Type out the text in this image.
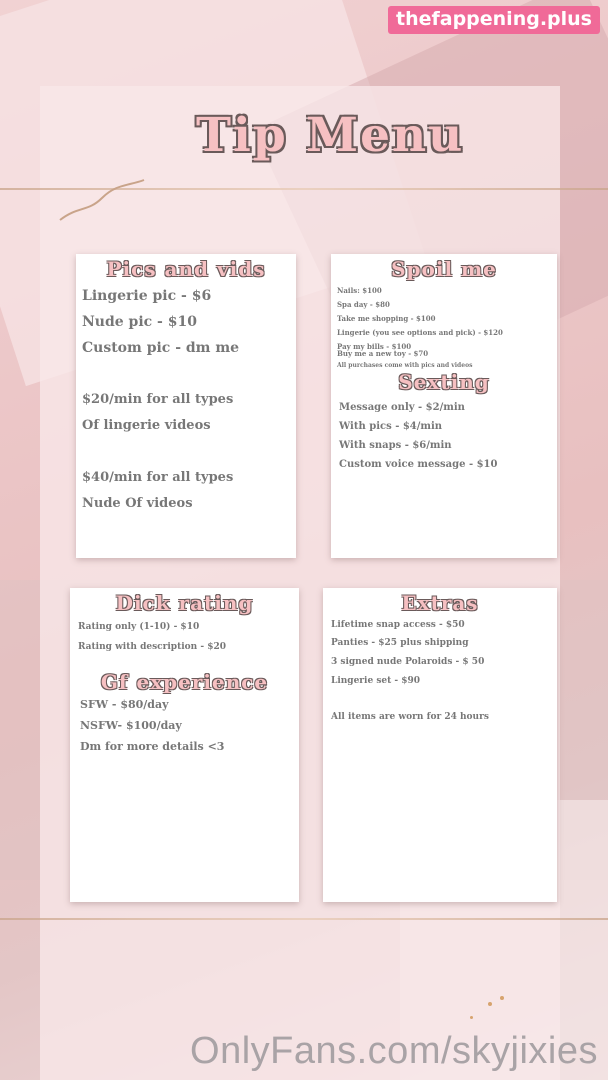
thefappening.plus
Tip Menu
Pics and vids
Lingerie pic - $6
Nude pic - $10
Custom pic - dm me
$20/min for all types
Of lingerie videos
$40/min for all types
Nude Of videos
Spoil me
Nails: $100
Spa day - $80
Take me shopping - $100
Lingerie (you see options and pick) - $120
Pay my bills - $100
Buy me a new toy - $70
All purchases come with pics and videos
Sexting
Message only - $2/min
With pics - $4/min
With snaps - $6/min
Custom voice message - $10
Dick rating
Rating only (1-10) - $10
Rating with description - $20
Gf experience
SFW - $80/day
NSFW- $100/day
Dm for more details <3
Extras
Lifetime snap access - $50
Panties - $25 plus shipping
3 signed nude Polaroids - $ 50
Lingerie set - $90
All items are worn for 24 hours
OnlyFans.com/skyjixies
